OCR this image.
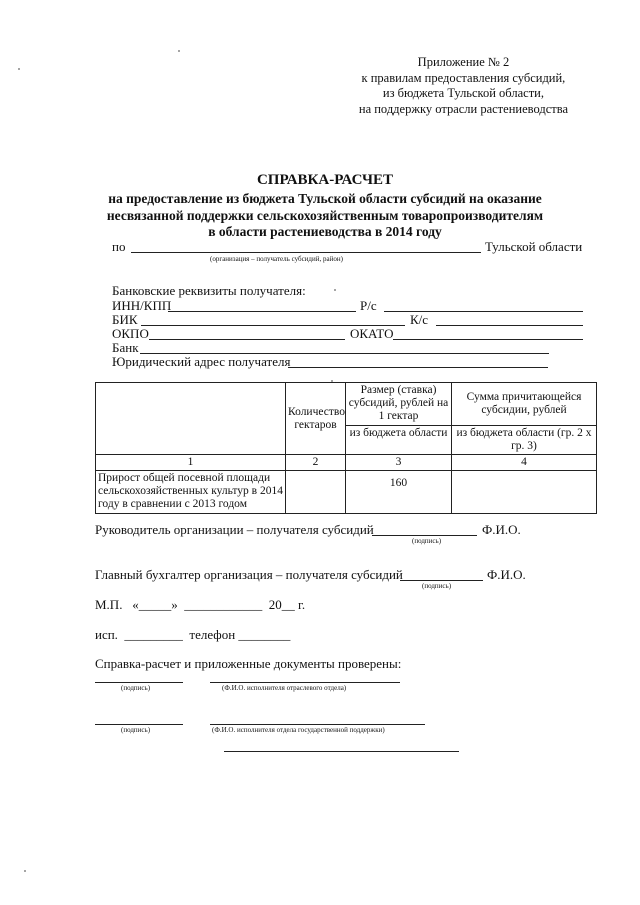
Приложение № 2
к правилам предоставления субсидий,
из бюджета Тульской области,
на поддержку отрасли растениеводства
СПРАВКА-РАСЧЕТ
на предоставление из бюджета Тульской области субсидий на оказание
несвязанной поддержки сельскохозяйственным товаропроизводителям
в области растениеводства в 2014 году
по	Тульской области
(организация – получатель субсидий, район)
Банковские реквизиты получателя:
ИНН/КПП	Р/с
БИК	К/с
ОКПО	ОКАТО
Банк
Юридический адрес получателя
	Количество гектаров	Размер (ставка) субсидий, рублей на 1 гектар	Сумма причитающейся субсидии, рублей
		из бюджета области	из бюджета области (гр. 2 х гр. 3)
1	2	3	4
Прирост общей посевной площади сельскохозяйственных культур в 2014 году в сравнении с 2013 годом		160	
Руководитель организации – получателя субсидий	Ф.И.О.
(подпись)
Главный бухгалтер организация – получателя субсидий	Ф.И.О.
(подпись)
М.П.   «_____»  ____________  20__ г.
исп.  _________  телефон ________
Справка-расчет и приложенные документы проверены:
(подпись)	(Ф.И.О. исполнителя отраслевого отдела)
(подпись)	(Ф.И.О. исполнителя отдела государственной поддержки)
